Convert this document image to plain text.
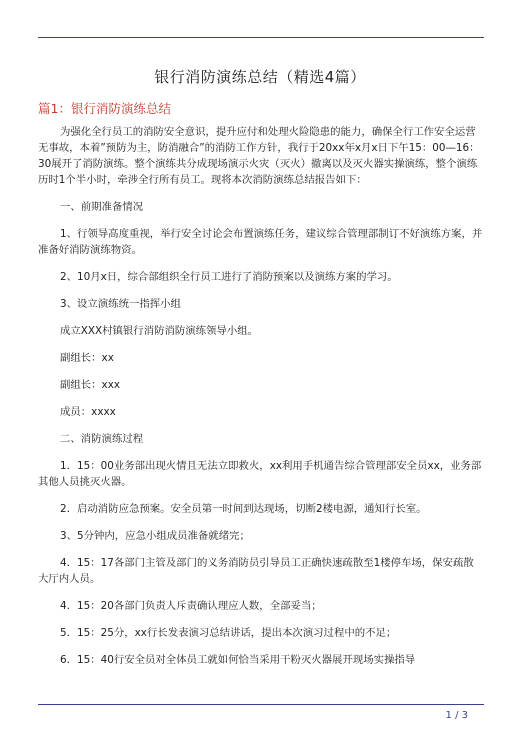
银行消防演练总结（精选4篇）
篇1：银行消防演练总结

为强化全行员工的消防安全意识，提升应付和处理火险隐患的能力，确保全行工作安全运营无事故，本着”预防为主，防消融合”的消防工作方针，我行于20xx年x月x日下午15：00—16：30展开了消防演练。整个演练共分成现场演示火灾（灭火）撤离以及灭火器实操演练，整个演练历时1个半小时，牵涉全行所有员工。现将本次消防演练总结报告如下：

一、前期准备情况

1、行领导高度重视，举行安全讨论会布置演练任务，建议综合管理部制订不好演练方案，并准备好消防演练物资。

2、10月x日，综合部组织全行员工进行了消防预案以及演练方案的学习。

3、设立演练统一指挥小组

成立XXX村镇银行消防消防演练领导小组。

副组长：xx

副组长：xxx

成员：xxxx

二、消防演练过程

1．15：00业务部出现火情且无法立即救火，xx利用手机通告综合管理部安全员xx，业务部其他人员挑灭火器。

2．启动消防应急预案。安全员第一时间到达现场，切断2楼电源，通知行长室。

3、5分钟内，应急小组成员准备就绪完；

4．15：17各部门主管及部门的义务消防员引导员工正确快速疏散至1楼停车场，保安疏散大厅内人员。

4．15：20各部门负责人斥责确认理应人数，全部妥当；

5．15：25分，xx行长发表演习总结讲话，提出本次演习过程中的不足；

6．15：40行安全员对全体员工就如何恰当采用干粉灭火器展开现场实操指导

1 / 3
